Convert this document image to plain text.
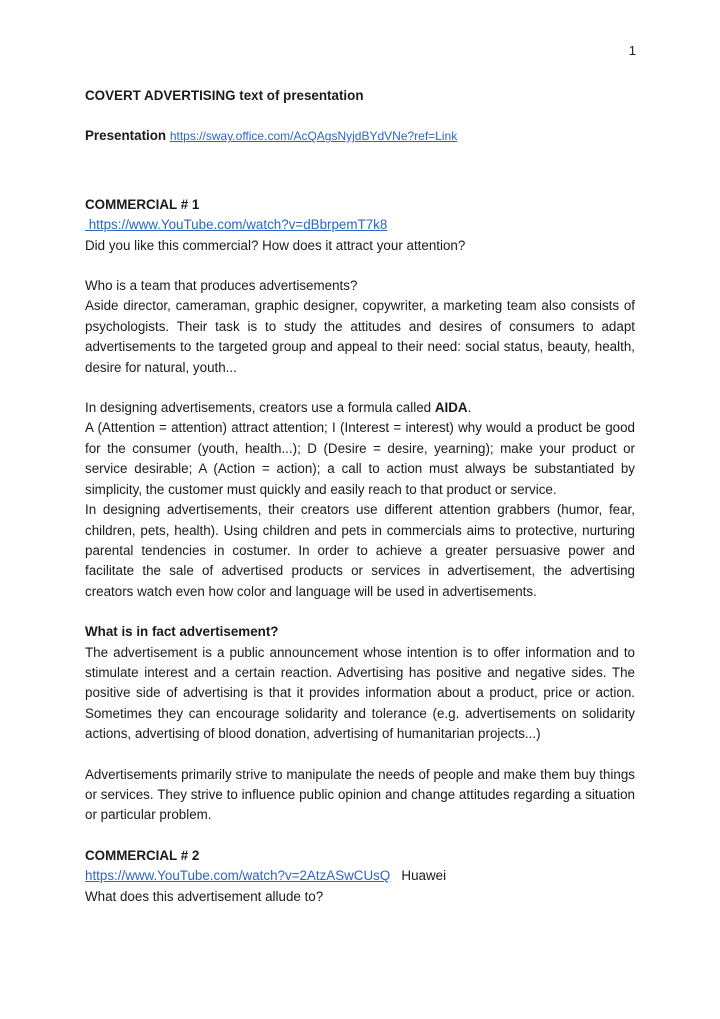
1

COVERT ADVERTISING text of presentation

Presentation https://sway.office.com/AcQAgsNyjdBYdVNe?ref=Link

COMMERCIAL # 1

https://www.YouTube.com/watch?v=dBbrpemT7k8

Did you like this commercial? How does it attract your attention?

Who is a team that produces advertisements?

Aside director, cameraman, graphic designer, copywriter, a marketing team also consists of psychologists. Their task is to study the attitudes and desires of consumers to adapt advertisements to the targeted group and appeal to their need: social status, beauty, health, desire for natural, youth...

In designing advertisements, creators use a formula called AIDA.

A (Attention = attention) attract attention; I (Interest = interest) why would a product be good for the consumer (youth, health...); D (Desire = desire, yearning); make your product or service desirable; A (Action = action); a call to action must always be substantiated by simplicity, the customer must quickly and easily reach to that product or service.

In designing advertisements, their creators use different attention grabbers (humor, fear, children, pets, health). Using children and pets in commercials aims to protective, nurturing parental tendencies in costumer. In order to achieve a greater persuasive power and facilitate the sale of advertised products or services in advertisement, the advertising creators watch even how color and language will be used in advertisements.

What is in fact advertisement?

The advertisement is a public announcement whose intention is to offer information and to stimulate interest and a certain reaction. Advertising has positive and negative sides. The positive side of advertising is that it provides information about a product, price or action. Sometimes they can encourage solidarity and tolerance (e.g. advertisements on solidarity actions, advertising of blood donation, advertising of humanitarian projects...)

Advertisements primarily strive to manipulate the needs of people and make them buy things or services. They strive to influence public opinion and change attitudes regarding a situation or particular problem.

COMMERCIAL # 2

https://www.YouTube.com/watch?v=2AtzASwCUsQ   Huawei

What does this advertisement allude to?
